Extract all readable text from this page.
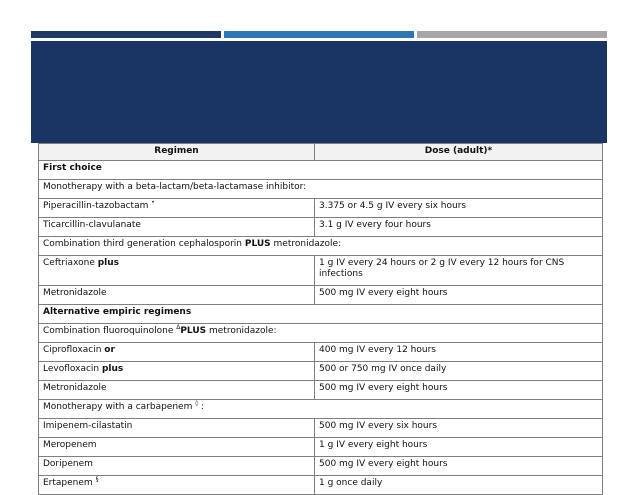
Regimen	Dose (adult)*
First choice	
Monotherapy with a beta-lactam/beta-lactamase inhibitor:	
Piperacillin-tazobactam •	3.375 or 4.5 g IV every six hours
Ticarcillin-clavulanate	3.1 g IV every four hours
Combination third generation cephalosporin PLUS metronidazole:	
Ceftriaxone plus	1 g IV every 24 hours or 2 g IV every 12 hours for CNS infections
Metronidazole	500 mg IV every eight hours
Alternative empiric regimens	
Combination fluoroquinolone $^\Delta$PLUS metronidazole:	
Ciprofloxacin or	400 mg IV every 12 hours
Levofloxacin plus	500 or 750 mg IV once daily
Metronidazole	500 mg IV every eight hours
Monotherapy with a carbapenem ◊ :	
Imipenem-cilastatin	500 mg IV every six hours
Meropenem	1 g IV every eight hours
Doripenem	500 mg IV every eight hours
Ertapenem §	1 g once daily
